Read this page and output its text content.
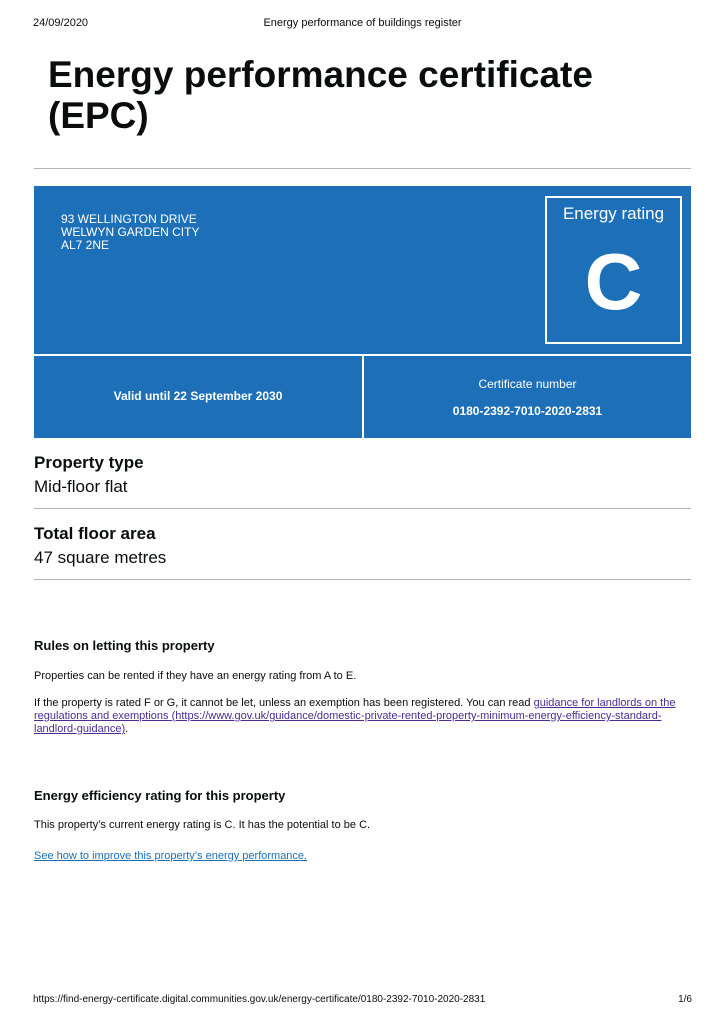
24/09/2020	Energy performance of buildings register
Energy performance certificate (EPC)
93 WELLINGTON DRIVE
WELWYN GARDEN CITY
AL7 2NE
Energy rating
C
Valid until 22 September 2030
Certificate number
0180-2392-7010-2020-2831
Property type
Mid-floor flat
Total floor area
47 square metres
Rules on letting this property

Properties can be rented if they have an energy rating from A to E.

If the property is rated F or G, it cannot be let, unless an exemption has been registered. You can read guidance for landlords on the regulations and exemptions (https://www.gov.uk/guidance/domestic-private-rented-property-minimum-energy-efficiency-standard-landlord-guidance).

Energy efficiency rating for this property

This property’s current energy rating is C. It has the potential to be C.

See how to improve this property’s energy performance.

https://find-energy-certificate.digital.communities.gov.uk/energy-certificate/0180-2392-7010-2020-2831	1/6
